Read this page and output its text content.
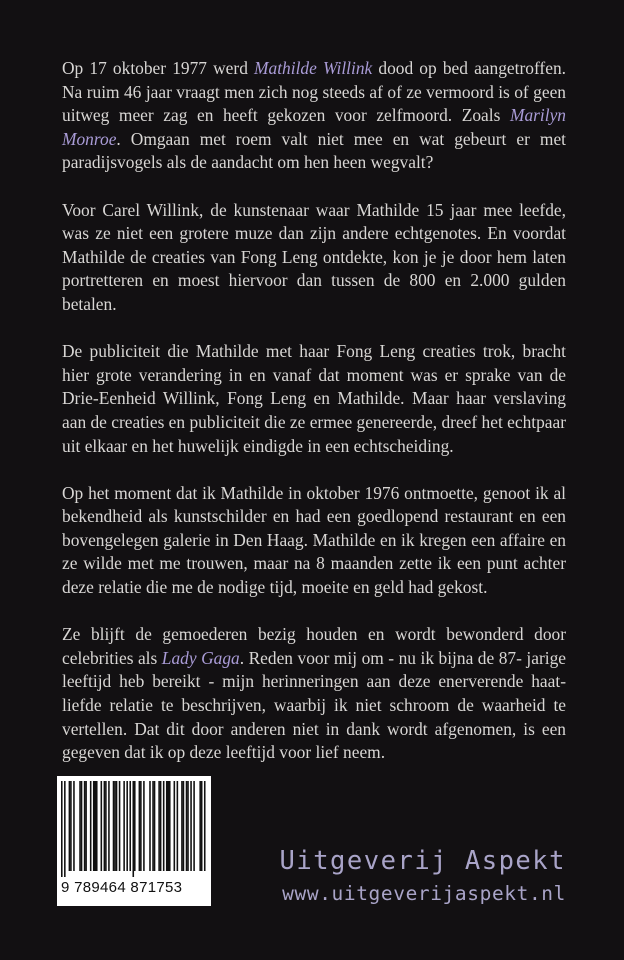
Op 17 oktober 1977 werd Mathilde Willink dood op bed aangetroffen. Na ruim 46 jaar vraagt men zich nog steeds af of ze vermoord is of geen uitweg meer zag en heeft gekozen voor zelfmoord. Zoals Marilyn Monroe. Omgaan met roem valt niet mee en wat gebeurt er met paradijsvogels als de aandacht om hen heen wegvalt?

Voor Carel Willink, de kunstenaar waar Mathilde 15 jaar mee leefde, was ze niet een grotere muze dan zijn andere echtgenotes. En voordat Mathilde de creaties van Fong Leng ontdekte, kon je je door hem laten portretteren en moest hiervoor dan tussen de 800 en 2.000 gulden betalen.

De publiciteit die Mathilde met haar Fong Leng creaties trok, bracht hier grote verandering in en vanaf dat moment was er sprake van de Drie-Eenheid Willink, Fong Leng en Mathilde. Maar haar verslaving aan de creaties en publiciteit die ze ermee genereerde, dreef het echtpaar uit elkaar en het huwelijk eindigde in een echtscheiding.

Op het moment dat ik Mathilde in oktober 1976 ontmoette, genoot ik al bekendheid als kunstschilder en had een goedlopend restaurant en een bovengelegen galerie in Den Haag. Mathilde en ik kregen een affaire en ze wilde met me trouwen, maar na 8 maanden zette ik een punt achter deze relatie die me de nodige tijd, moeite en geld had gekost.

Ze blijft de gemoederen bezig houden en wordt bewonderd door celebrities als Lady Gaga. Reden voor mij om - nu ik bijna de 87- jarige leeftijd heb bereikt - mijn herinneringen aan deze enerverende haat-liefde relatie te beschrijven, waarbij ik niet schroom de waarheid te vertellen. Dat dit door anderen niet in dank wordt afgenomen, is een gegeven dat ik op deze leeftijd voor lief neem.

9 789464 871753
Uitgeverij Aspekt
www.uitgeverijaspekt.nl
